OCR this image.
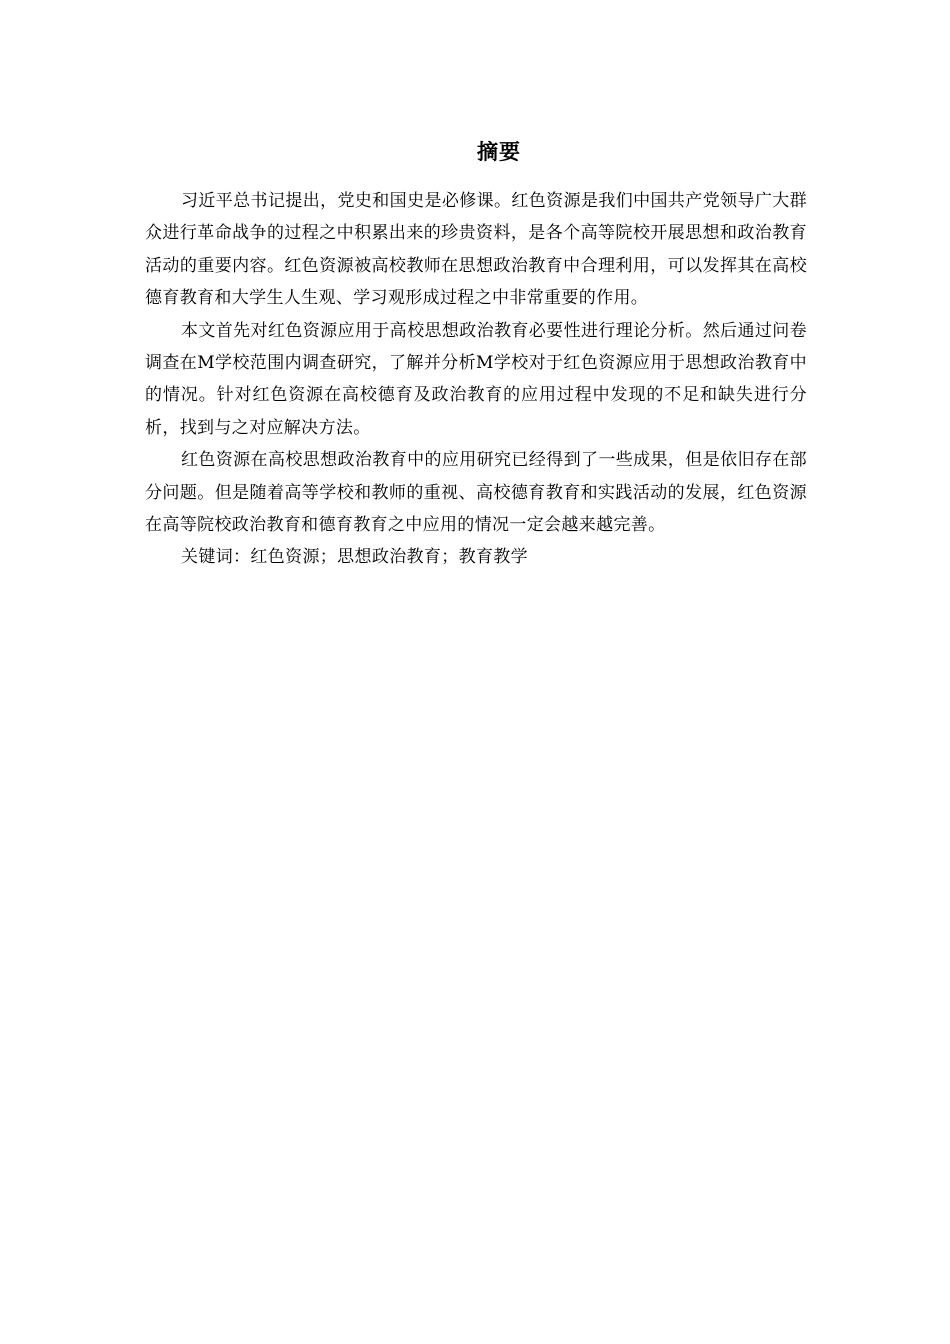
摘要

习近平总书记提出，党史和国史是必修课。红色资源是我们中国共产党领导广大群众进行革命战争的过程之中积累出来的珍贵资料，是各个高等院校开展思想和政治教育活动的重要内容。红色资源被高校教师在思想政治教育中合理利用，可以发挥其在高校德育教育和大学生人生观、学习观形成过程之中非常重要的作用。

本文首先对红色资源应用于高校思想政治教育必要性进行理论分析。然后通过问卷调查在M学校范围内调查研究，了解并分析M学校对于红色资源应用于思想政治教育中的情况。针对红色资源在高校德育及政治教育的应用过程中发现的不足和缺失进行分析，找到与之对应解决方法。

红色资源在高校思想政治教育中的应用研究已经得到了一些成果，但是依旧存在部分问题。但是随着高等学校和教师的重视、高校德育教育和实践活动的发展，红色资源在高等院校政治教育和德育教育之中应用的情况一定会越来越完善。

关键词：红色资源；思想政治教育；教育教学
